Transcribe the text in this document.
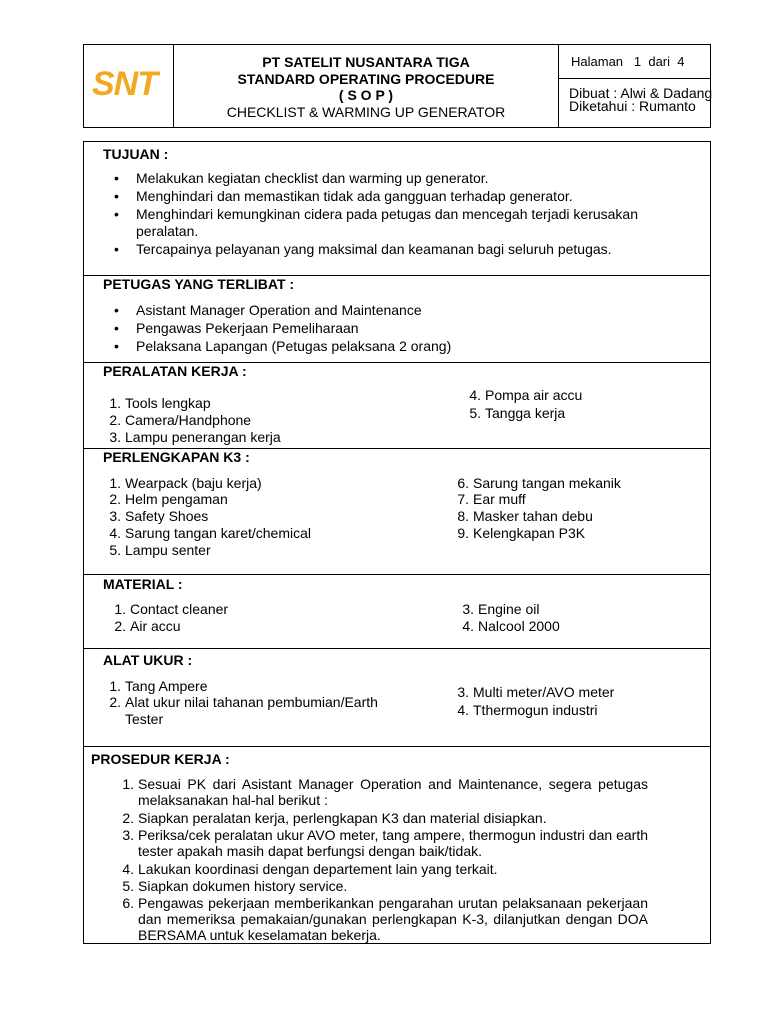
SNT
PT SATELIT NUSANTARA TIGA
STANDARD OPERATING PROCEDURE
( S O P )
CHECKLIST & WARMING UP GENERATOR
Halaman 1 dari 4
Dibuat : Alwi & Dadang
Diketahui : Rumanto
TUJUAN :
• Melakukan kegiatan checklist dan warming up generator.
• Menghindari dan memastikan tidak ada gangguan terhadap generator.
• Menghindari kemungkinan cidera pada petugas dan mencegah terjadi kerusakan
peralatan.
• Tercapainya pelayanan yang maksimal dan keamanan bagi seluruh petugas.
PETUGAS YANG TERLIBAT :
• Asistant Manager Operation and Maintenance
• Pengawas Pekerjaan Pemeliharaan
• Pelaksana Lapangan (Petugas pelaksana 2 orang)
PERALATAN KERJA :
1. Tools lengkap
2. Camera/Handphone
3. Lampu penerangan kerja
4. Pompa air accu
5. Tangga kerja
PERLENGKAPAN K3 :
1. Wearpack (baju kerja)
2. Helm pengaman
3. Safety Shoes
4. Sarung tangan karet/chemical
5. Lampu senter
6. Sarung tangan mekanik
7. Ear muff
8. Masker tahan debu
9. Kelengkapan P3K
MATERIAL :
1. Contact cleaner
2. Air accu
3. Engine oil
4. Nalcool 2000
ALAT UKUR :
1. Tang Ampere
2. Alat ukur nilai tahanan pembumian/Earth
Tester
3. Multi meter/AVO meter
4. Tthermogun industri
PROSEDUR KERJA :
1. Sesuai PK dari Asistant Manager Operation and Maintenance, segera petugas melaksanakan hal-hal berikut :
2. Siapkan peralatan kerja, perlengkapan K3 dan material disiapkan.
3. Periksa/cek peralatan ukur AVO meter, tang ampere, thermogun industri dan earth tester apakah masih dapat berfungsi dengan baik/tidak.
4. Lakukan koordinasi dengan departement lain yang terkait.
5. Siapkan dokumen history service.
6. Pengawas pekerjaan memberikankan pengarahan urutan pelaksanaan pekerjaan dan memeriksa pemakaian/gunakan perlengkapan K-3, dilanjutkan dengan DOA BERSAMA untuk keselamatan bekerja.
